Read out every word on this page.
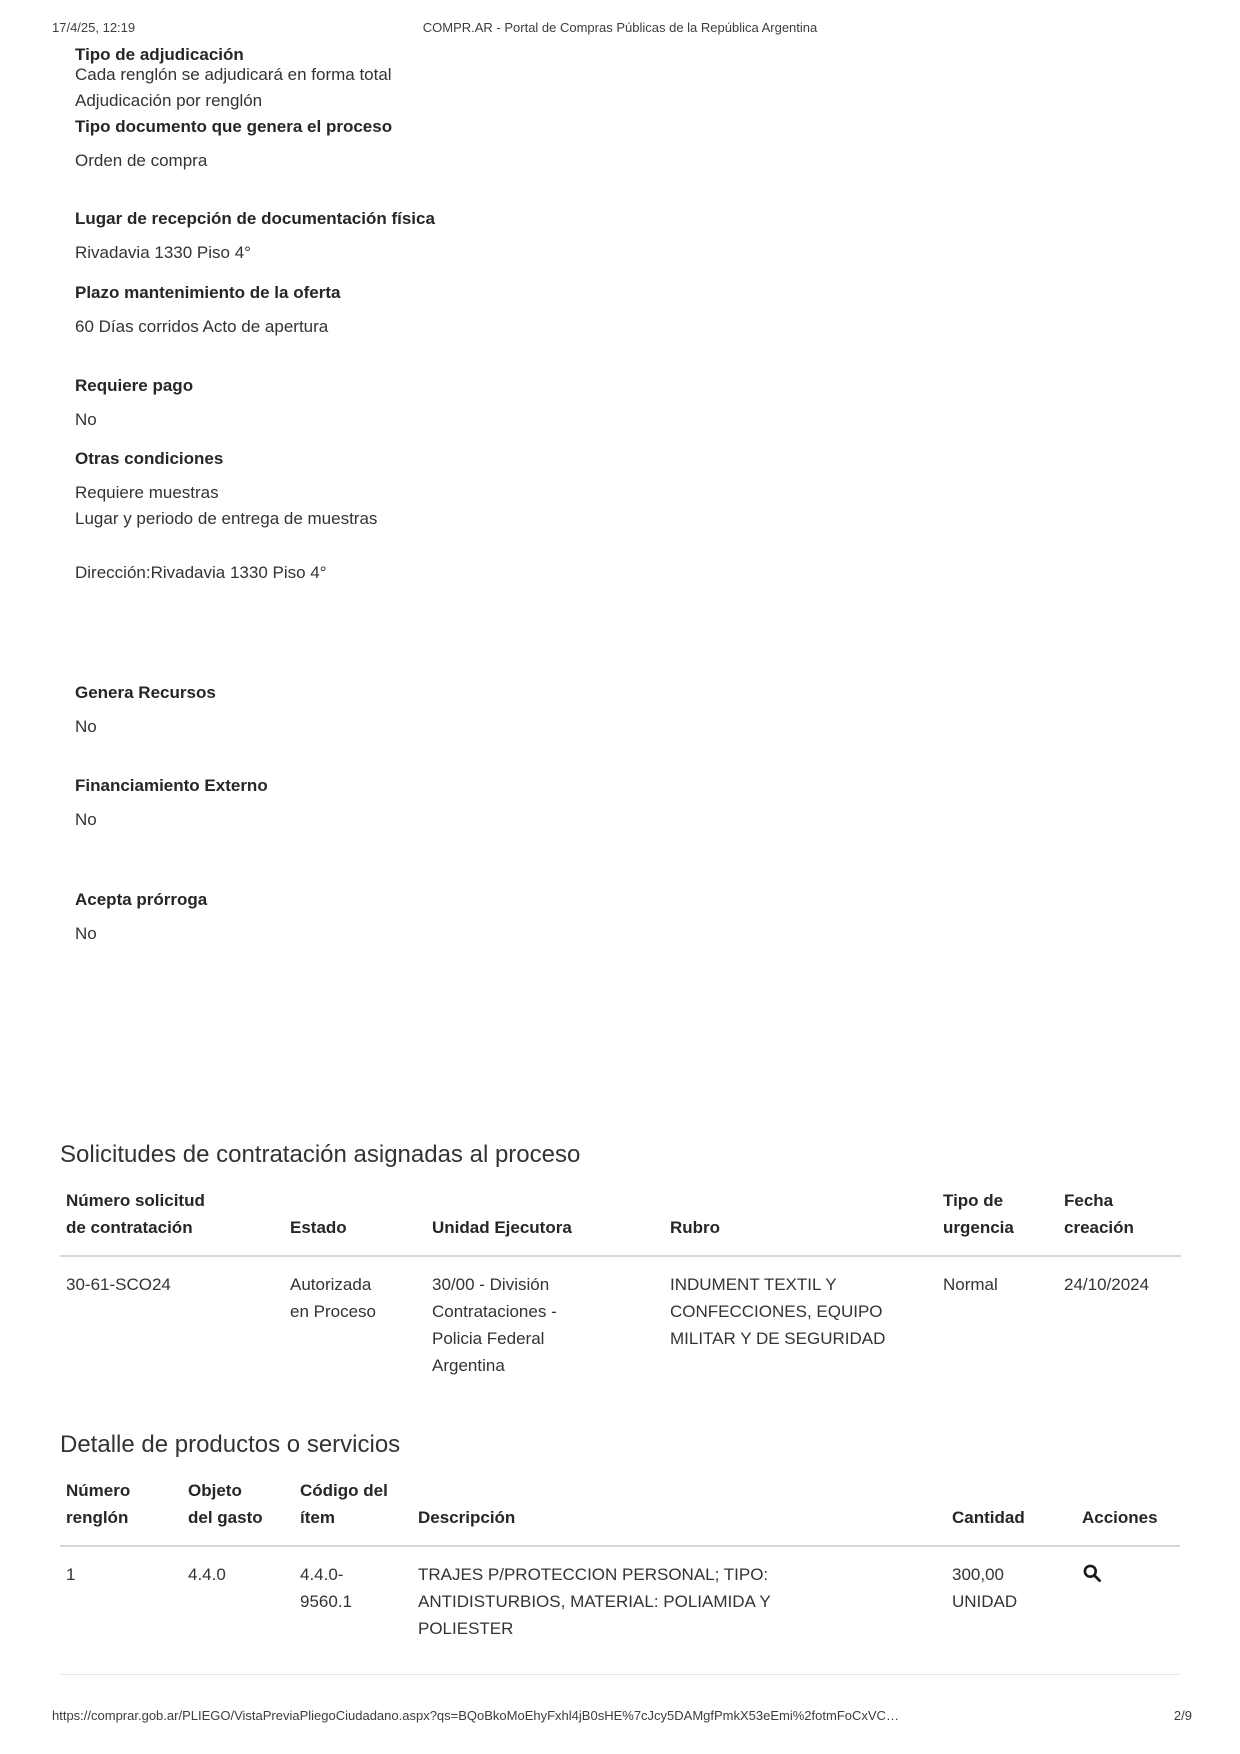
17/4/25, 12:19	COMPR.AR - Portal de Compras Públicas de la República Argentina
Tipo de adjudicación

Cada renglón se adjudicará en forma total

Adjudicación por renglón

Tipo documento que genera el proceso

Orden de compra

Lugar de recepción de documentación física

Rivadavia 1330 Piso 4°

Plazo mantenimiento de la oferta

60 Días corridos Acto de apertura

Requiere pago

No

Otras condiciones

Requiere muestras

Lugar y periodo de entrega de muestras

Dirección:Rivadavia 1330 Piso 4°

Genera Recursos

No

Financiamiento Externo

No

Acepta prórroga

No

Solicitudes de contratación asignadas al proceso
Número solicitud de contratación	Estado	Unidad Ejecutora	Rubro	Tipo de urgencia	Fecha creación
30-61-SCO24	Autorizada en Proceso	30/00 - División Contrataciones - Policia Federal Argentina	INDUMENT TEXTIL Y CONFECCIONES, EQUIPO MILITAR Y DE SEGURIDAD	Normal	24/10/2024
Detalle de productos o servicios
Número renglón	Objeto del gasto	Código del ítem	Descripción	Cantidad	Acciones
1	4.4.0	4.4.0-9560.1	TRAJES P/PROTECCION PERSONAL; TIPO: ANTIDISTURBIOS, MATERIAL: POLIAMIDA Y POLIESTER	300,00 UNIDAD	
https://comprar.gob.ar/PLIEGO/VistaPreviaPliegoCiudadano.aspx?qs=BQoBkoMoEhyFxhl4jB0sHE%7cJcy5DAMgfPmkX53eEmi%2fotmFoCxVC…	2/9
